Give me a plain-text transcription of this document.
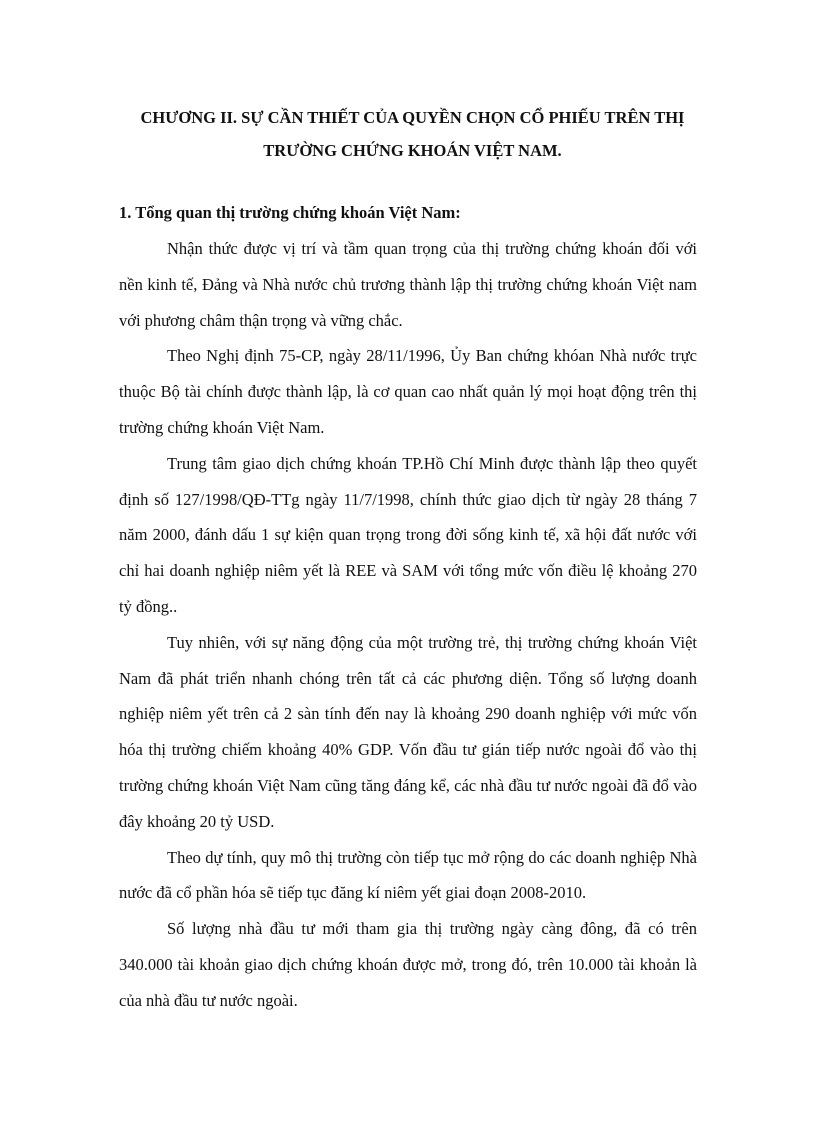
CHƯƠNG II. SỰ CẦN THIẾT CỦA QUYỀN CHỌN CỔ PHIẾU TRÊN THỊ TRƯỜNG CHỨNG KHOÁN VIỆT NAM.
1. Tổng quan thị trường chứng khoán Việt Nam:

Nhận thức được vị trí và tầm quan trọng của thị trường chứng khoán đối với nền kinh tế, Đảng và Nhà nước chủ trương thành lập thị trường chứng khoán Việt nam với phương châm thận trọng và vững chắc.

Theo Nghị định 75-CP, ngày 28/11/1996, Ủy Ban chứng khóan Nhà nước trực thuộc Bộ tài chính được thành lập, là cơ quan cao nhất quản lý mọi hoạt động trên thị trường chứng khoán Việt Nam.

Trung tâm giao dịch chứng khoán TP.Hồ Chí Minh được thành lập theo quyết định số 127/1998/QĐ-TTg ngày 11/7/1998, chính thức giao dịch từ ngày 28 tháng 7 năm 2000, đánh dấu 1 sự kiện quan trọng trong đời sống kinh tế, xã hội đất nước với chỉ hai doanh nghiệp niêm yết là REE và SAM với tổng mức vốn điều lệ khoảng 270 tỷ đồng..

Tuy nhiên, với sự năng động của một trường trẻ, thị trường chứng khoán Việt Nam đã phát triển nhanh chóng trên tất cả các phương diện. Tổng số lượng doanh nghiệp niêm yết trên cả 2 sàn tính đến nay là khoảng 290 doanh nghiệp với mức vốn hóa thị trường chiếm khoảng 40% GDP. Vốn đầu tư gián tiếp nước ngoài đổ vào thị trường chứng khoán Việt Nam cũng tăng đáng kể, các nhà đầu tư nước ngoài đã đổ vào đây khoảng 20 tỷ USD.

Theo dự tính, quy mô thị trường còn tiếp tục mở rộng do các doanh nghiệp Nhà nước đã cổ phần hóa sẽ tiếp tục đăng kí niêm yết giai đoạn 2008-2010.

Số lượng nhà đầu tư mới tham gia thị trường ngày càng đông, đã có trên 340.000 tài khoản giao dịch chứng khoán được mở, trong đó, trên 10.000 tài khoản là của nhà đầu tư nước ngoài.
